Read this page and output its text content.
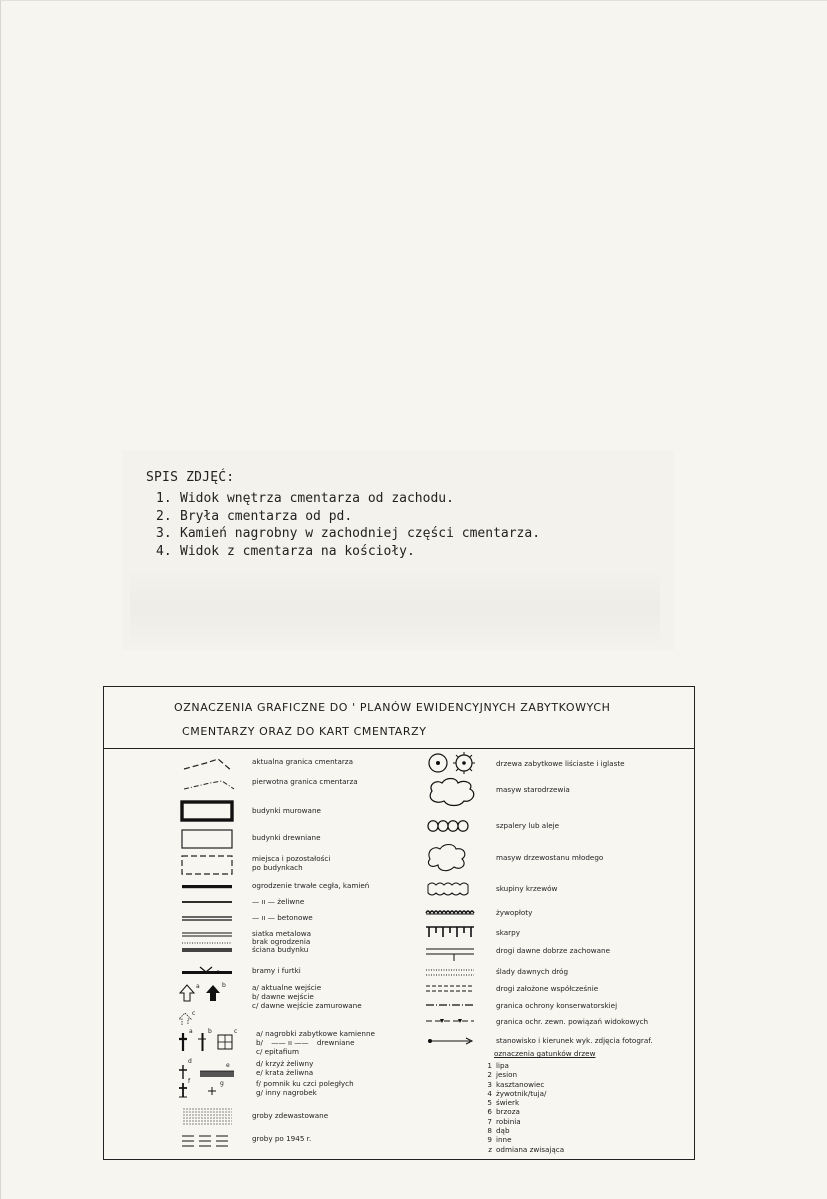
SPIS ZDJĘĆ:
1. Widok wnętrza cmentarza od zachodu.
2. Bryła cmentarza od pd.
3. Kamień nagrobny w zachodniej części cmentarza.
4. Widok z cmentarza na kościoły.
OZNACZENIA GRAFICZNE DO ' PLANÓW EWIDENCYJNYCH ZABYTKOWYCH
CMENTARZY ORAZ DO KART CMENTARZY
aktualna granica cmentarza
pierwotna granica cmentarza
budynki murowane
budynki drewniane
miejsca i pozostałości
po budynkach
ogrodzenie trwałe cegła, kamień
— ıı — żeliwne
— ıı — betonowe
siatka metalowa
brak ogrodzenia
ściana budynku
bramy i furtki
a	b
c
a/ aktualne wejście
b/ dawne wejście
c/ dawne wejście zamurowane
a	b	c	a/ nagrobki zabytkowe kamienne
b/ —— ıı —— drewniane
c/ epitafium
d
e	d/ krzyż żeliwny
e/ krata żeliwna
f	g	f/ pomnik ku czci poległych
g/ inny nagrobek
groby zdewastowane
groby po 1945 r.
drzewa zabytkowe liściaste i iglaste
masyw starodrzewia
szpalery lub aleje
masyw drzewostanu młodego
skupiny krzewów
żywopłoty
skarpy
drogi dawne dobrze zachowane
ślady dawnych dróg
drogi założone współcześnie
granica ochrony konserwatorskiej
granica ochr. zewn. powiązań widokowych
stanowisko i kierunek wyk. zdjęcia fotograf.
oznaczenia gatunków drzew
1 lipa
2 jesion
3 kasztanowiec
4 żywotnik/tuja/
5 świerk
6 brzoza
7 robinia
8 dąb
9 inne
z odmiana zwisająca
